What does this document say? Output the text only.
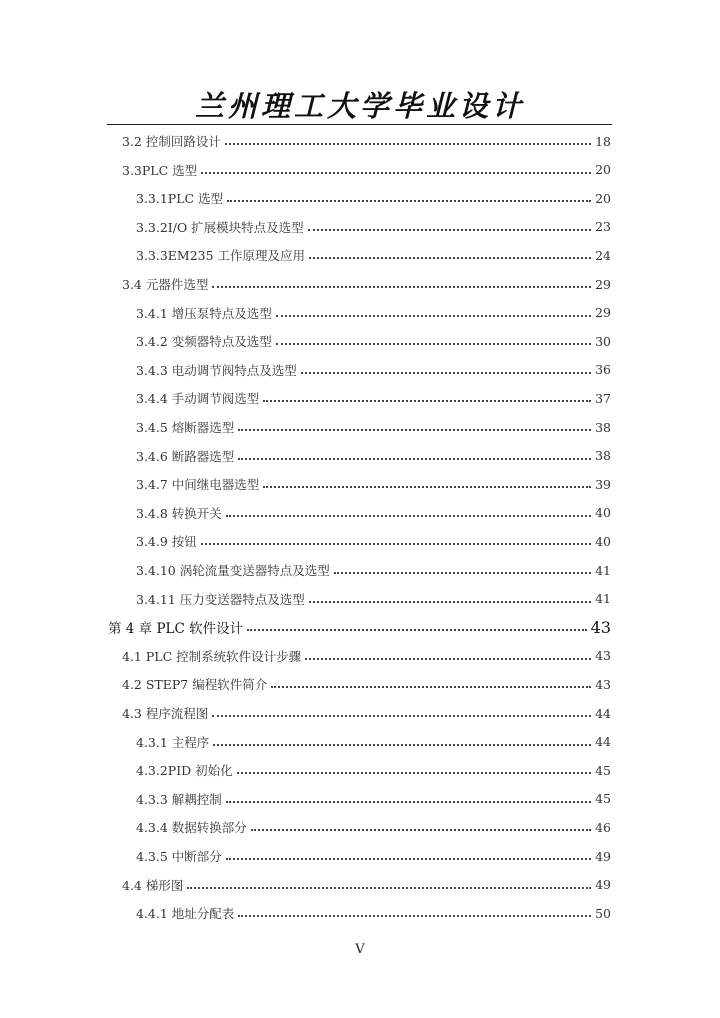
兰州理工大学毕业设计
3.2 控制回路设计	18
3.3PLC 选型	20
3.3.1PLC 选型	20
3.3.2I/O 扩展模块特点及选型	23
3.3.3EM235 工作原理及应用	24
3.4 元器件选型	29
3.4.1 增压泵特点及选型	29
3.4.2 变频器特点及选型	30
3.4.3 电动调节阀特点及选型	36
3.4.4 手动调节阀选型	37
3.4.5 熔断器选型	38
3.4.6 断路器选型	38
3.4.7 中间继电器选型	39
3.4.8 转换开关	40
3.4.9 按钮	40
3.4.10 涡轮流量变送器特点及选型	41
3.4.11 压力变送器特点及选型	41
第 4 章 PLC 软件设计	43
4.1 PLC 控制系统软件设计步骤	43
4.2 STEP7 编程软件简介	43
4.3 程序流程图	44
4.3.1 主程序	44
4.3.2PID 初始化	45
4.3.3 解耦控制	45
4.3.4 数据转换部分	46
4.3.5 中断部分	49
4.4 梯形图	49
4.4.1 地址分配表	50
V
